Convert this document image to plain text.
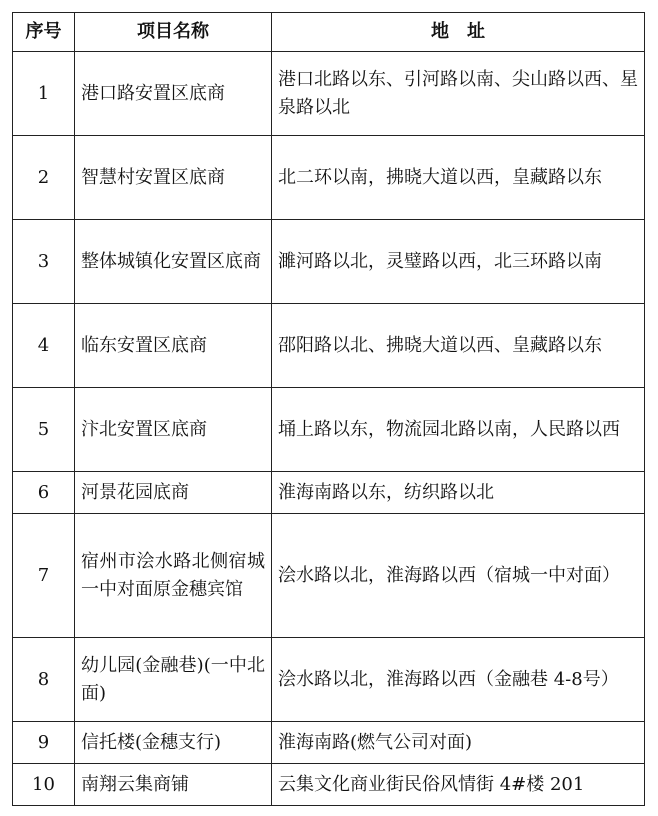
序号	项目名称	地　址
1	港口路安置区底商	港口北路以东、引河路以南、尖山路以西、星泉路以北
2	智慧村安置区底商	北二环以南，拂晓大道以西，皇藏路以东
3	整体城镇化安置区底商	濉河路以北，灵璧路以西，北三环路以南
4	临东安置区底商	邵阳路以北、拂晓大道以西、皇藏路以东
5	汴北安置区底商	埇上路以东，物流园北路以南，人民路以西
6	河景花园底商	淮海南路以东，纺织路以北
7	宿州市浍水路北侧宿城一中对面原金穗宾馆	浍水路以北，淮海路以西（宿城一中对面）
8	幼儿园(金融巷)(一中北面)	浍水路以北，淮海路以西（金融巷 4-8号）
9	信托楼(金穗支行)	淮海南路(燃气公司对面)
10	南翔云集商铺	云集文化商业街民俗风情街 4#楼 201
